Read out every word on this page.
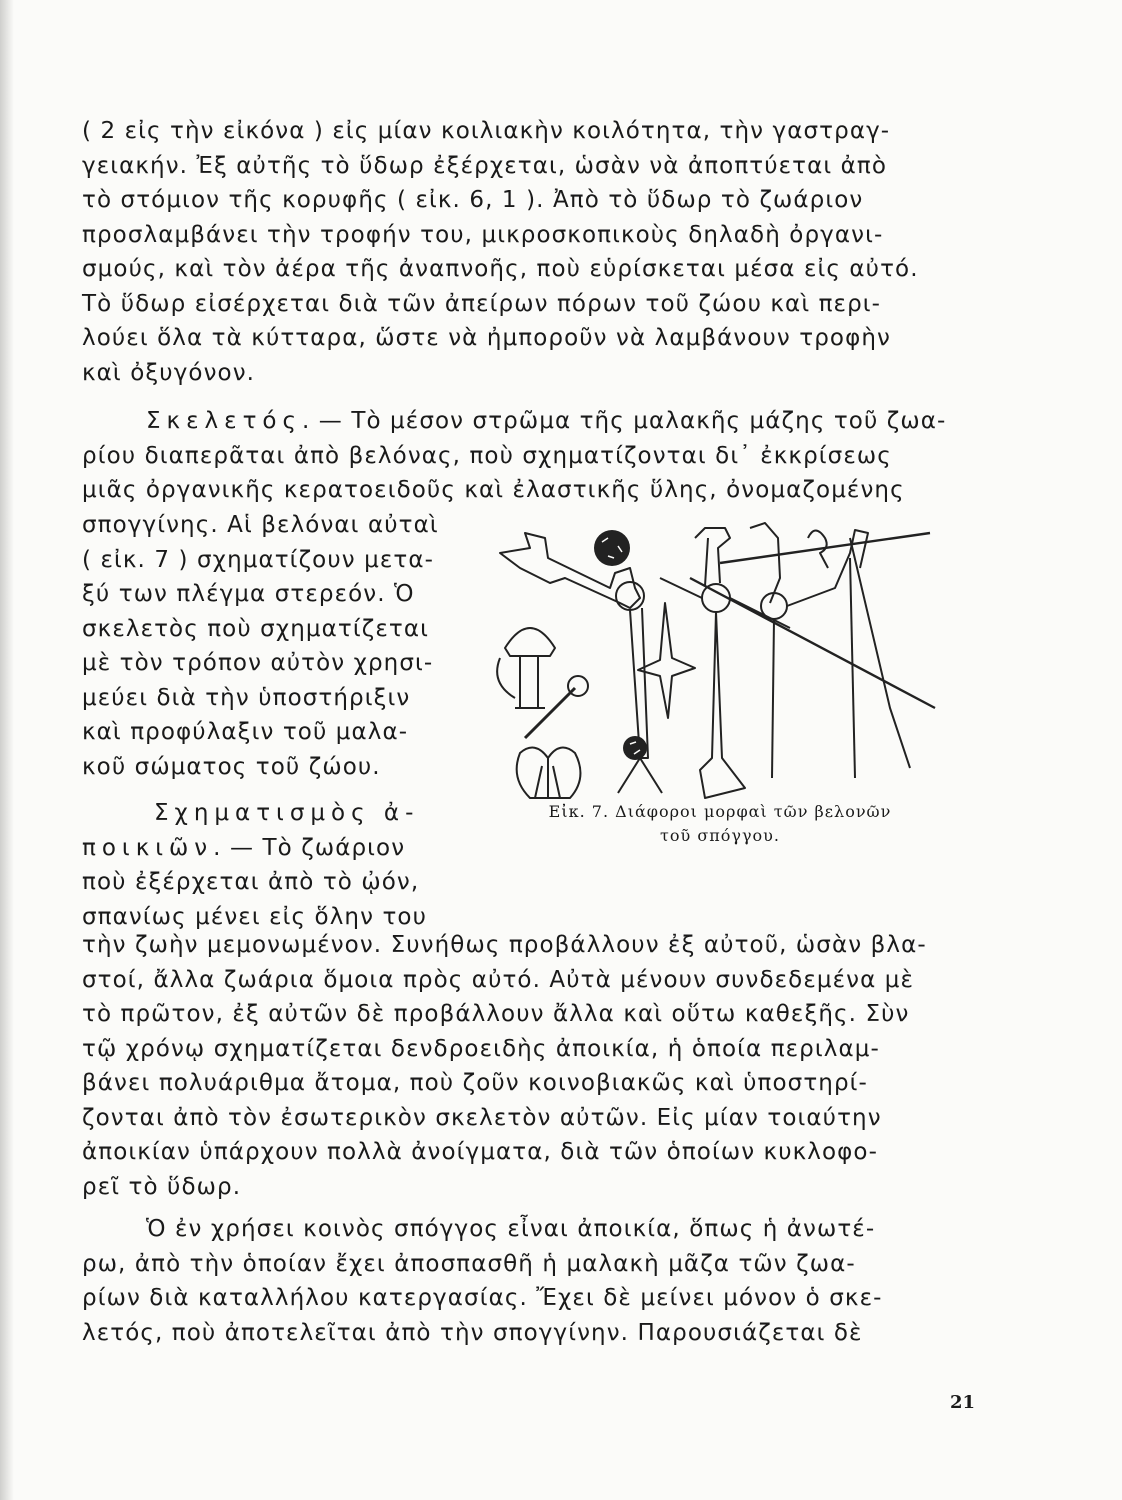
( 2 εἰς τὴν εἰκόνα ) εἰς μίαν κοιλιακὴν κοιλότητα, τὴν γαστραγ-
γειακήν. Ἐξ αὐτῆς τὸ ὕδωρ ἐξέρχεται, ὡσὰν νὰ ἀποπτύεται ἀπὸ
τὸ στόμιον τῆς κορυφῆς ( εἰκ. 6, 1 ). Ἀπὸ τὸ ὕδωρ τὸ ζωάριον
προσλαμβάνει τὴν τροφήν του, μικροσκοπικοὺς δηλαδὴ ὀργανι-
σμούς, καὶ τὸν ἀέρα τῆς ἀναπνοῆς, ποὺ εὑρίσκεται μέσα εἰς αὐτό.
Τὸ ὕδωρ εἰσέρχεται διὰ τῶν ἀπείρων πόρων τοῦ ζώου καὶ περι-
λούει ὅλα τὰ κύτταρα, ὥστε νὰ ἠμποροῦν νὰ λαμβάνουν τροφὴν
καὶ ὀξυγόνον.
Σκελετός. — Τὸ μέσον στρῶμα τῆς μαλακῆς μάζης τοῦ ζωα-
ρίου διαπερᾶται ἀπὸ βελόνας, ποὺ σχηματίζονται δι᾽ ἐκκρίσεως
μιᾶς ὀργανικῆς κερατοειδοῦς καὶ ἐλαστικῆς ὕλης, ὀνομαζομένης
σπογγίνης. Αἱ βελόναι αὐταὶ
( εἰκ. 7 ) σχηματίζουν μετα-
ξύ των πλέγμα στερεόν. Ὁ
σκελετὸς ποὺ σχηματίζεται
μὲ τὸν τρόπον αὐτὸν χρησι-
μεύει διὰ τὴν ὑποστήριξιν
καὶ προφύλαξιν τοῦ μαλα-
κοῦ σώματος τοῦ ζώου.
Σχηματισμὸς ἀ-
ποικιῶν. — Τὸ ζωάριον
ποὺ ἐξέρχεται ἀπὸ τὸ ᾠόν,
σπανίως μένει εἰς ὅλην του
Εἰκ. 7. Διάφοροι μορφαὶ τῶν βελονῶν
τοῦ σπόγγου.
τὴν ζωὴν μεμονωμένον. Συνήθως προβάλλουν ἐξ αὐτοῦ, ὡσὰν βλα-
στοί, ἄλλα ζωάρια ὅμοια πρὸς αὐτό. Αὐτὰ μένουν συνδεδεμένα μὲ
τὸ πρῶτον, ἐξ αὐτῶν δὲ προβάλλουν ἄλλα καὶ οὕτω καθεξῆς. Σὺν
τῷ χρόνῳ σχηματίζεται δενδροειδὴς ἀποικία, ἡ ὁποία περιλαμ-
βάνει πολυάριθμα ἄτομα, ποὺ ζοῦν κοινοβιακῶς καὶ ὑποστηρί-
ζονται ἀπὸ τὸν ἐσωτερικὸν σκελετὸν αὐτῶν. Εἰς μίαν τοιαύτην
ἀποικίαν ὑπάρχουν πολλὰ ἀνοίγματα, διὰ τῶν ὁποίων κυκλοφο-
ρεῖ τὸ ὕδωρ.
Ὁ ἐν χρήσει κοινὸς σπόγγος εἶναι ἀποικία, ὅπως ἡ ἀνωτέ-
ρω, ἀπὸ τὴν ὁποίαν ἔχει ἀποσπασθῆ ἡ μαλακὴ μᾶζα τῶν ζωα-
ρίων διὰ καταλλήλου κατεργασίας. Ἔχει δὲ μείνει μόνον ὁ σκε-
λετός, ποὺ ἀποτελεῖται ἀπὸ τὴν σπογγίνην. Παρουσιάζεται δὲ
21
